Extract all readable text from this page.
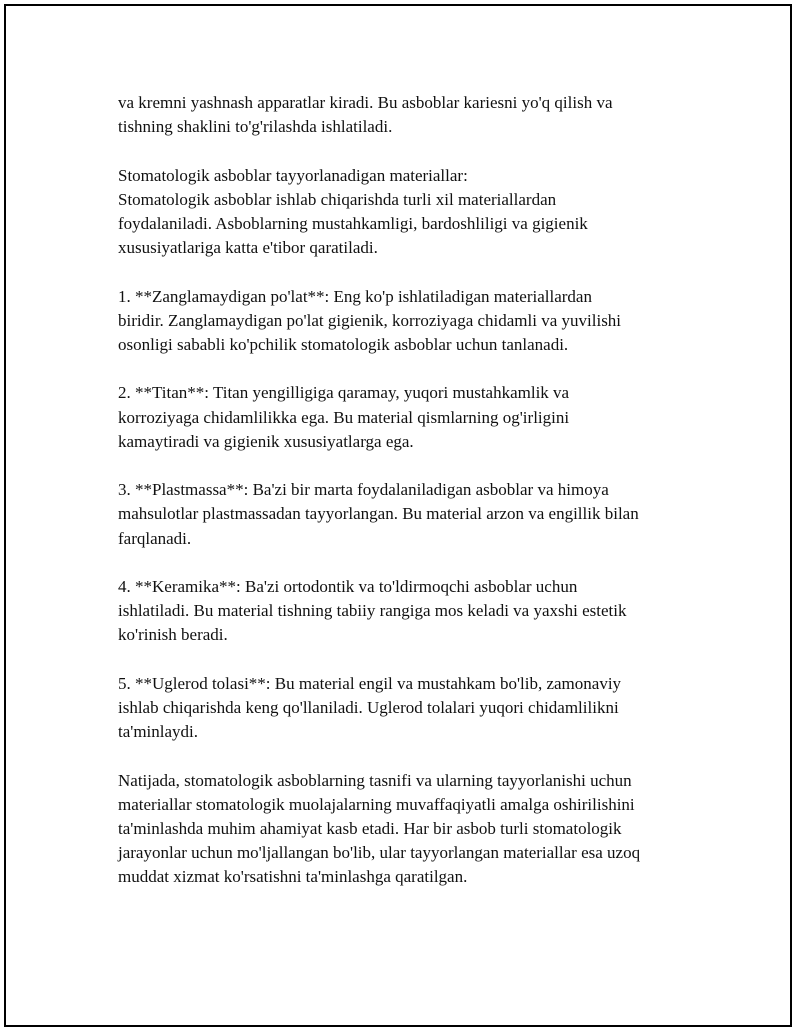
va kremni yashnash apparatlar kiradi. Bu asboblar kariesni yo'q qilish va
tishning shaklini to'g'rilashda ishlatiladi.
Stomatologik asboblar tayyorlanadigan materiallar:
Stomatologik asboblar ishlab chiqarishda turli xil materiallardan
foydalaniladi. Asboblarning mustahkamligi, bardoshliligi va gigienik
xususiyatlariga katta e'tibor qaratiladi.
1. **Zanglamaydigan po'lat**: Eng ko'p ishlatiladigan materiallardan
biridir. Zanglamaydigan po'lat gigienik, korroziyaga chidamli va yuvilishi
osonligi sababli ko'pchilik stomatologik asboblar uchun tanlanadi.
2. **Titan**: Titan yengilligiga qaramay, yuqori mustahkamlik va
korroziyaga chidamlilikka ega. Bu material qismlarning og'irligini
kamaytiradi va gigienik xususiyatlarga ega.
3. **Plastmassa**: Ba'zi bir marta foydalaniladigan asboblar va himoya
mahsulotlar plastmassadan tayyorlangan. Bu material arzon va engillik bilan
farqlanadi.
4. **Keramika**: Ba'zi ortodontik va to'ldirmoqchi asboblar uchun
ishlatiladi. Bu material tishning tabiiy rangiga mos keladi va yaxshi estetik
ko'rinish beradi.
5. **Uglerod tolasi**: Bu material engil va mustahkam bo'lib, zamonaviy
ishlab chiqarishda keng qo'llaniladi. Uglerod tolalari yuqori chidamlilikni
ta'minlaydi.
Natijada, stomatologik asboblarning tasnifi va ularning tayyorlanishi uchun
materiallar stomatologik muolajalarning muvaffaqiyatli amalga oshirilishini
ta'minlashda muhim ahamiyat kasb etadi. Har bir asbob turli stomatologik
jarayonlar uchun mo'ljallangan bo'lib, ular tayyorlangan materiallar esa uzoq
muddat xizmat ko'rsatishni ta'minlashga qaratilgan.
